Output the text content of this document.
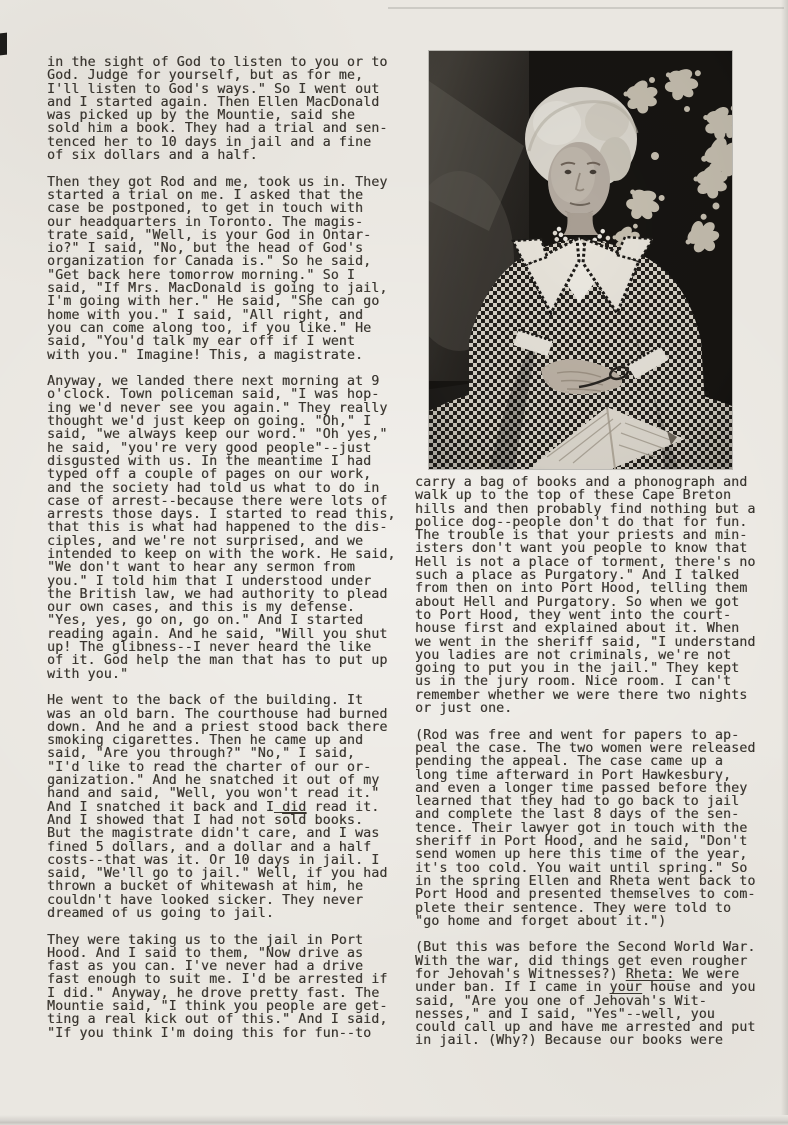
in the sight of God to listen to you or to
God. Judge for yourself, but as for me,
I'll listen to God's ways." So I went out
and I started again. Then Ellen MacDonald
was picked up by the Mountie, said she
sold him a book. They had a trial and sen-
tenced her to 10 days in jail and a fine
of six dollars and a half.
Then they got Rod and me, took us in. They
started a trial on me. I asked that the
case be postponed, to get in touch with
our headquarters in Toronto. The magis-
trate said, "Well, is your God in Ontar-
io?" I said, "No, but the head of God's
organization for Canada is." So he said,
"Get back here tomorrow morning." So I
said, "If Mrs. MacDonald is going to jail,
I'm going with her." He said, "She can go
home with you." I said, "All right, and
you can come along too, if you like." He
said, "You'd talk my ear off if I went
with you." Imagine! This, a magistrate.
Anyway, we landed there next morning at 9
o'clock. Town policeman said, "I was hop-
ing we'd never see you again." They really
thought we'd just keep on going. "Oh," I
said, "we always keep our word." "Oh yes,"
he said, "you're very good people"--just
disgusted with us. In the meantime I had
typed off a couple of pages on our work,
and the society had told us what to do in
case of arrest--because there were lots of
arrests those days. I started to read this,
that this is what had happened to the dis-
ciples, and we're not surprised, and we
intended to keep on with the work. He said,
"We don't want to hear any sermon from
you." I told him that I understood under
the British law, we had authority to plead
our own cases, and this is my defense.
"Yes, yes, go on, go on." And I started
reading again. And he said, "Will you shut
up! The glibness--I never heard the like
of it. God help the man that has to put up
with you."
He went to the back of the building. It
was an old barn. The courthouse had burned
down. And he and a priest stood back there
smoking cigarettes. Then he came up and
said, "Are you through?" "No," I said,
"I'd like to read the charter of our or-
ganization." And he snatched it out of my
hand and said, "Well, you won't read it."
And I snatched it back and I did read it.
And I showed that I had not sold books.
But the magistrate didn't care, and I was
fined 5 dollars, and a dollar and a half
costs--that was it. Or 10 days in jail. I
said, "We'll go to jail." Well, if you had
thrown a bucket of whitewash at him, he
couldn't have looked sicker. They never
dreamed of us going to jail.
They were taking us to the jail in Port
Hood. And I said to them, "Now drive as
fast as you can. I've never had a drive
fast enough to suit me. I'd be arrested if
I did." Anyway, he drove pretty fast. The
Mountie said, "I think you people are get-
ting a real kick out of this." And I said,
"If you think I'm doing this for fun--to
carry a bag of books and a phonograph and
walk up to the top of these Cape Breton
hills and then probably find nothing but a
police dog--people don't do that for fun.
The trouble is that your priests and min-
isters don't want you people to know that
Hell is not a place of torment, there's no
such a place as Purgatory." And I talked
from then on into Port Hood, telling them
about Hell and Purgatory. So when we got
to Port Hood, they went into the court-
house first and explained about it. When
we went in the sheriff said, "I understand
you ladies are not criminals, we're not
going to put you in the jail." They kept
us in the jury room. Nice room. I can't
remember whether we were there two nights
or just one.
(Rod was free and went for papers to ap-
peal the case. The two women were released
pending the appeal. The case came up a
long time afterward in Port Hawkesbury,
and even a longer time passed before they
learned that they had to go back to jail
and complete the last 8 days of the sen-
tence. Their lawyer got in touch with the
sheriff in Port Hood, and he said, "Don't
send women up here this time of the year,
it's too cold. You wait until spring." So
in the spring Ellen and Rheta went back to
Port Hood and presented themselves to com-
plete their sentence. They were told to
"go home and forget about it.")
(But this was before the Second World War.
With the war, did things get even rougher
for Jehovah's Witnesses?) Rheta: We were
under ban. If I came in your house and you
said, "Are you one of Jehovah's Wit-
nesses," and I said, "Yes"--well, you
could call up and have me arrested and put
in jail. (Why?) Because our books were
